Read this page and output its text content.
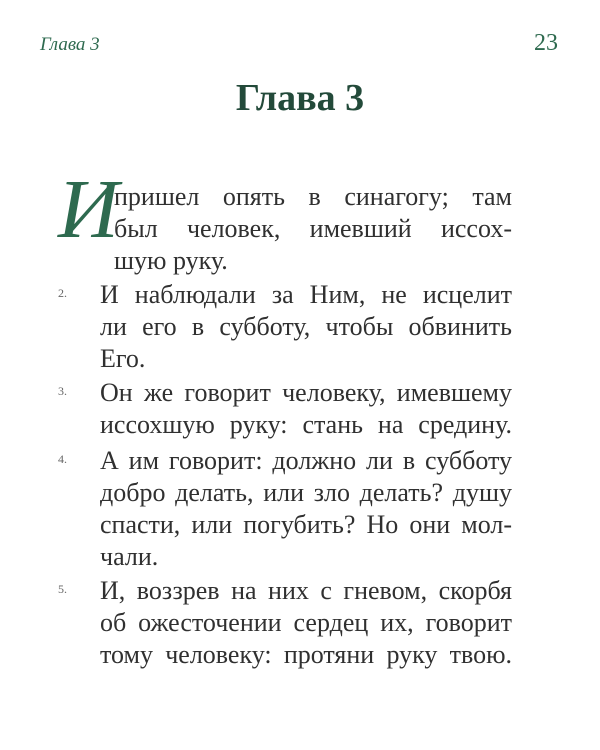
Глава 3	23
Глава 3
И
пришел опять в синагогу; там
был человек, имевший иссох-
шую руку.
2. И наблюдали за Ним, не исцелит
ли его в субботу, чтобы обвинить
Его.
3. Он же говорит человеку, имевшему
иссохшую руку: стань на средину.
4. А им говорит: должно ли в субботу
добро делать, или зло делать? душу
спасти, или погубить? Но они мол-
чали.
5. И, воззрев на них с гневом, скорбя
об ожесточении сердец их, говорит
тому человеку: протяни руку твою.
